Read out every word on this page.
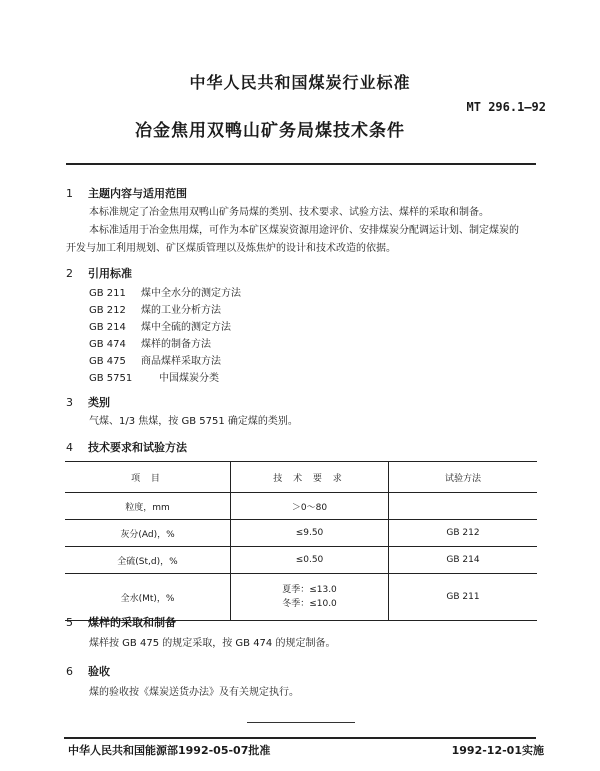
中华人民共和国煤炭行业标准
MT 296.1—92
冶金焦用双鸭山矿务局煤技术条件
1 主题内容与适用范围
本标准规定了冶金焦用双鸭山矿务局煤的类别、技术要求、试验方法、煤样的采取和制备。
本标准适用于冶金焦用煤，可作为本矿区煤炭资源用途评价、安排煤炭分配调运计划、制定煤炭的
开发与加工利用规划、矿区煤质管理以及炼焦炉的设计和技术改造的依据。
2 引用标准
GB 211 煤中全水分的测定方法
GB 212 煤的工业分析方法
GB 214 煤中全硫的测定方法
GB 474 煤样的制备方法
GB 475 商品煤样采取方法
GB 5751	中国煤炭分类
3 类别
气煤、1/3 焦煤，按 GB 5751 确定煤的类别。
4 技术要求和试验方法
项 目	技 术 要 求	试验方法
粒度，mm	＞0～80	
灰分(Ad)，%	≤9.50	GB 212
全硫(St,d)，%	≤0.50	GB 214
全水(Mt)，%	夏季：≤13.0
冬季：≤10.0	GB 211
5 煤样的采取和制备
煤样按 GB 475 的规定采取，按 GB 474 的规定制备。
6 验收
煤的验收按《煤炭送货办法》及有关规定执行。
中华人民共和国能源部1992-05-07批准	1992-12-01实施
